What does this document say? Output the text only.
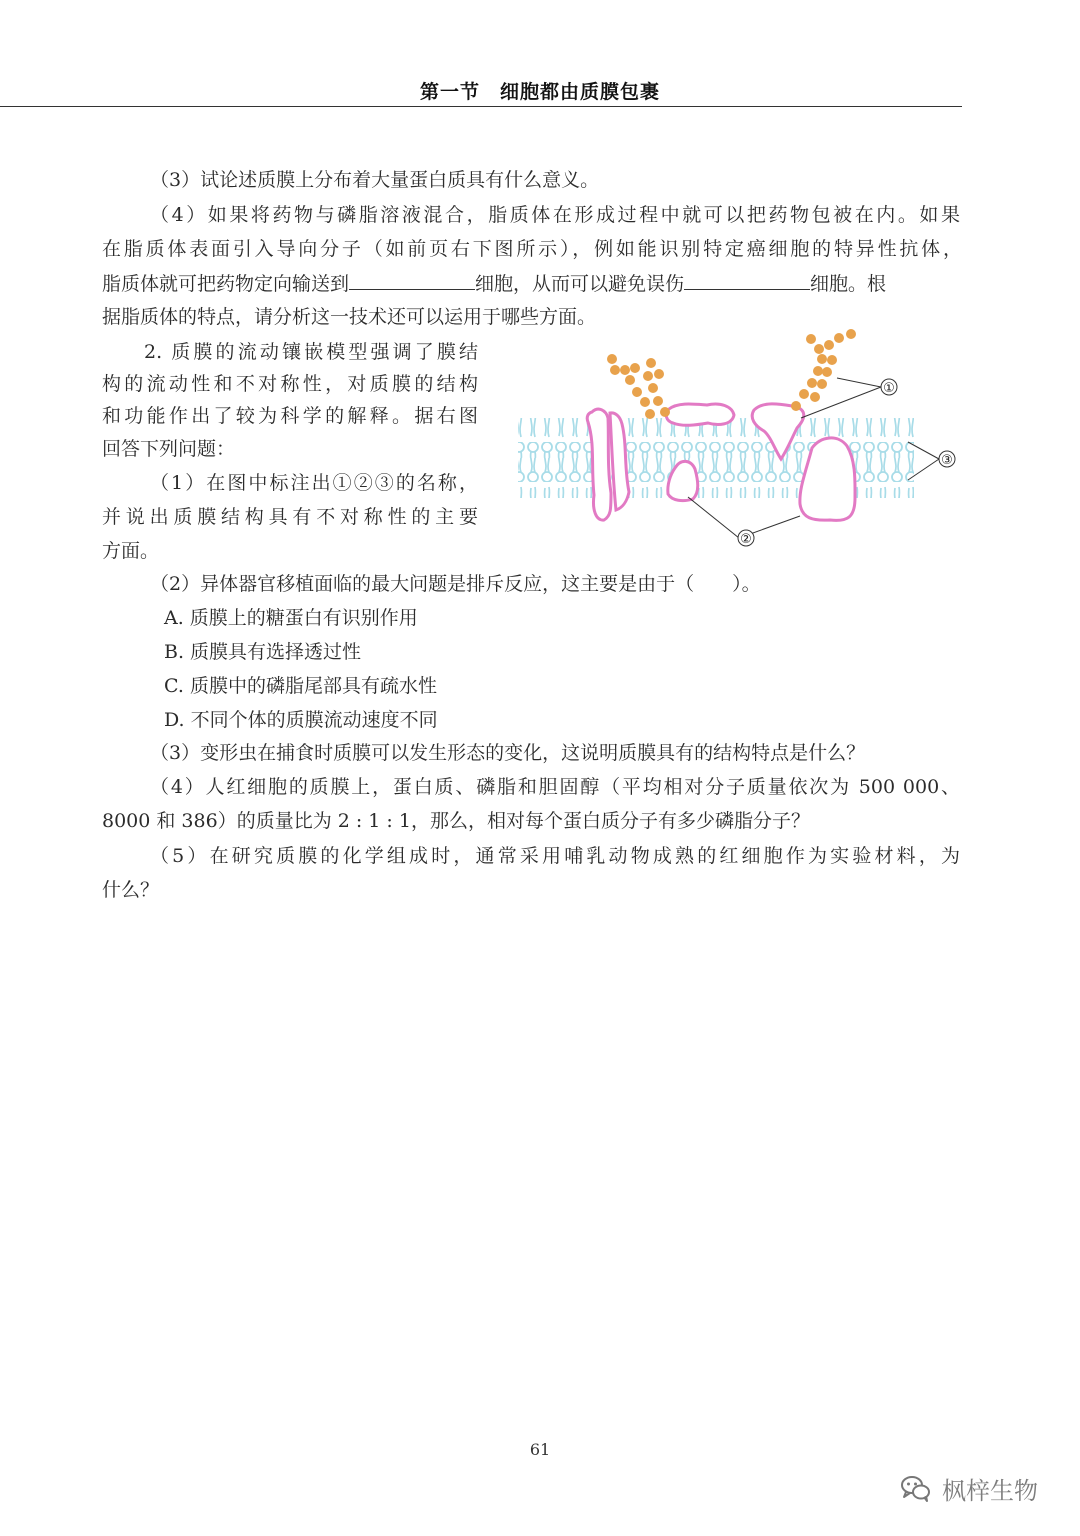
第一节　细胞都由质膜包裹
（3）试论述质膜上分布着大量蛋白质具有什么意义。
（4）如果将药物与磷脂溶液混合，脂质体在形成过程中就可以把药物包被在内。如果
在脂质体表面引入导向分子（如前页右下图所示），例如能识别特定癌细胞的特异性抗体，
脂质体就可把药物定向输送到	细胞，从而可以避免误伤	细胞。根
据脂质体的特点，请分析这一技术还可以运用于哪些方面。
2. 质膜的流动镶嵌模型强调了膜结
构的流动性和不对称性，对质膜的结构
和功能作出了较为科学的解释。据右图
回答下列问题：
（1）在图中标注出①②③的名称，
并说出质膜结构具有不对称性的主要
方面。
①
③
②
（2）异体器官移植面临的最大问题是排斥反应，这主要是由于（　　）。
A. 质膜上的糖蛋白有识别作用
B. 质膜具有选择透过性
C. 质膜中的磷脂尾部具有疏水性
D. 不同个体的质膜流动速度不同
（3）变形虫在捕食时质膜可以发生形态的变化，这说明质膜具有的结构特点是什么？
（4）人红细胞的质膜上，蛋白质、磷脂和胆固醇（平均相对分子质量依次为 500 000、
8000 和 386）的质量比为 2 : 1 : 1，那么，相对每个蛋白质分子有多少磷脂分子？
（5）在研究质膜的化学组成时，通常采用哺乳动物成熟的红细胞作为实验材料，为
什么？
61
枫梓生物
